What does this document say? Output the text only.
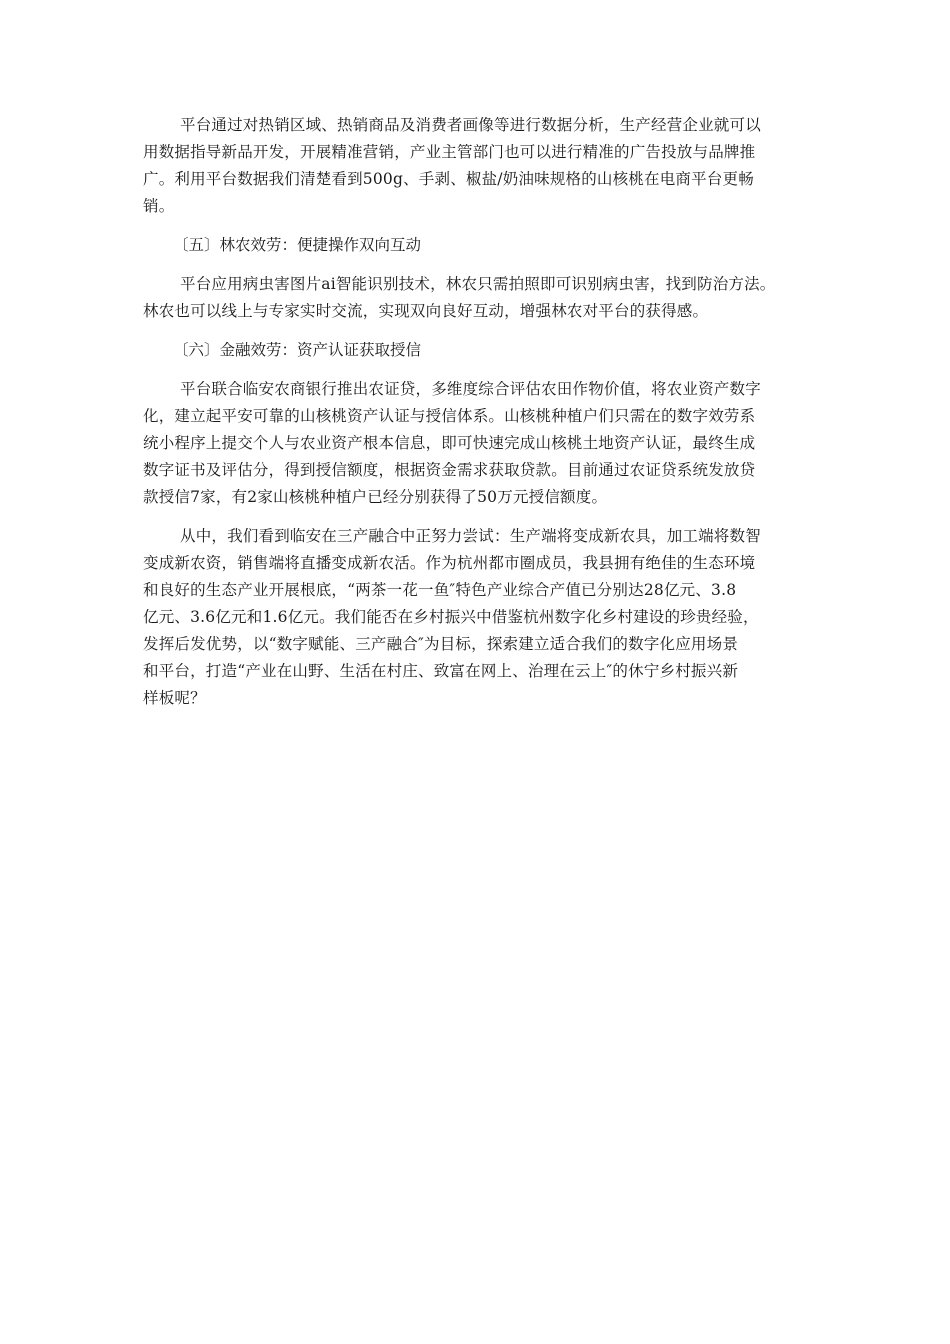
平台通过对热销区域、热销商品及消费者画像等进行数据分析，生产经营企业就可以
用数据指导新品开发，开展精准营销，产业主管部门也可以进行精准的广告投放与品牌推
广。利用平台数据我们清楚看到500g、手剥、椒盐/奶油味规格的山核桃在电商平台更畅
销。

〔五〕林农效劳：便捷操作双向互动

平台应用病虫害图片ai智能识别技术，林农只需拍照即可识别病虫害，找到防治方法。
林农也可以线上与专家实时交流，实现双向良好互动，增强林农对平台的获得感。

〔六〕金融效劳：资产认证获取授信

平台联合临安农商银行推出农证贷，多维度综合评估农田作物价值，将农业资产数字
化，建立起平安可靠的山核桃资产认证与授信体系。山核桃种植户们只需在的数字效劳系
统小程序上提交个人与农业资产根本信息，即可快速完成山核桃土地资产认证，最终生成
数字证书及评估分，得到授信额度，根据资金需求获取贷款。目前通过农证贷系统发放贷
款授信7家，有2家山核桃种植户已经分别获得了50万元授信额度。

从中，我们看到临安在三产融合中正努力尝试：生产端将变成新农具，加工端将数智
变成新农资，销售端将直播变成新农活。作为杭州都市圈成员，我县拥有绝佳的生态环境
和良好的生态产业开展根底，“两茶一花一鱼″特色产业综合产值已分别达28亿元、3.8
亿元、3.6亿元和1.6亿元。我们能否在乡村振兴中借鉴杭州数字化乡村建设的珍贵经验，
发挥后发优势，以“数字赋能、三产融合″为目标，探索建立适合我们的数字化应用场景
和平台，打造“产业在山野、生活在村庄、致富在网上、治理在云上″的休宁乡村振兴新
样板呢？
